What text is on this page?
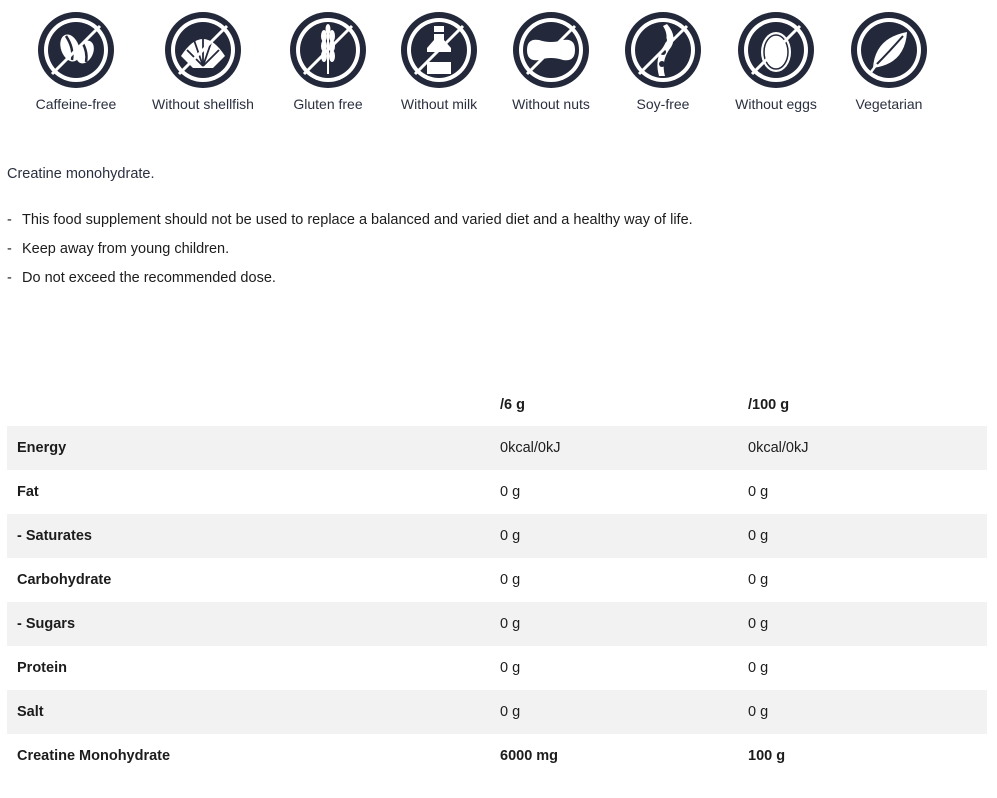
Caffeine-free	Without shellfish	Gluten free	Without milk	Without nuts	Soy-free	Without eggs	Vegetarian
Creatine monohydrate.
- This food supplement should not be used to replace a balanced and varied diet and a healthy way of life.
- Keep away from young children.
- Do not exceed the recommended dose.
	/6 g	/100 g
Energy	0kcal/0kJ	0kcal/0kJ
Fat	0 g	0 g
- Saturates	0 g	0 g
Carbohydrate	0 g	0 g
- Sugars	0 g	0 g
Protein	0 g	0 g
Salt	0 g	0 g
Creatine Monohydrate	6000 mg	100 g
